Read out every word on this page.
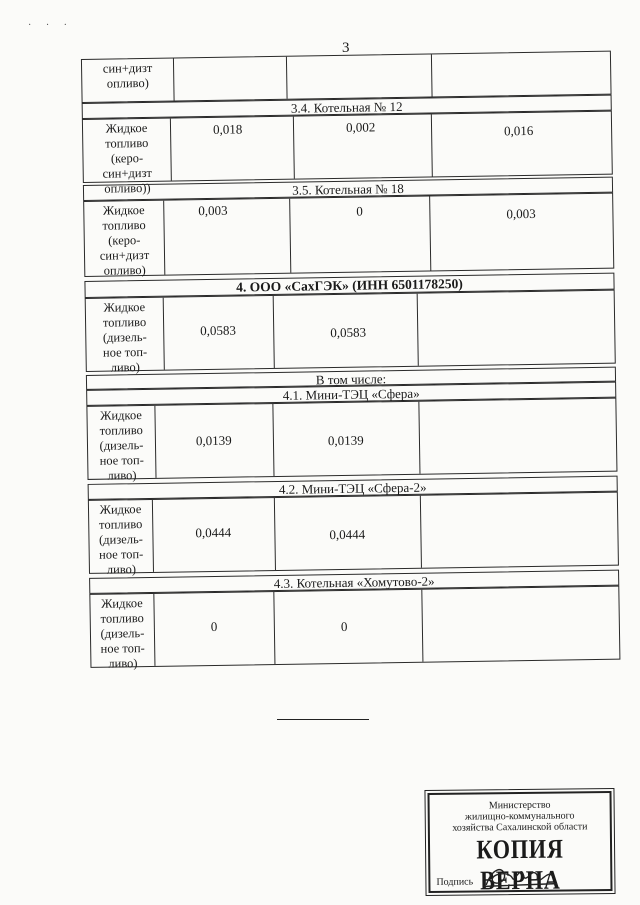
· · ·
3
син+дизт
опливо)
3.4. Котельная № 12
Жидкое
топливо
(керо-
син+дизт
опливо))
0,018	0,002	0,016
3.5. Котельная № 18
Жидкое
топливо
(керо-
син+дизт
опливо)
0,003	0	0,003
4. ООО «СахГЭК» (ИНН 6501178250)
Жидкое
топливо
(дизель-
ное топ-
ливо)
0,0583	0,0583
В том числе:
4.1. Мини-ТЭЦ «Сфера»
Жидкое
топливо
(дизель-
ное топ-
ливо)
0,0139	0,0139
4.2. Мини-ТЭЦ «Сфера-2»
Жидкое
топливо
(дизель-
ное топ-
ливо)
0,0444	0,0444
4.3. Котельная «Хомутово-2»
Жидкое
топливо
(дизель-
ное топ-
ливо)
0	0
Министерство
жилищно-коммунального
хозяйства Сахалинской области
КОПИЯ ВЕРНА
Подпись
